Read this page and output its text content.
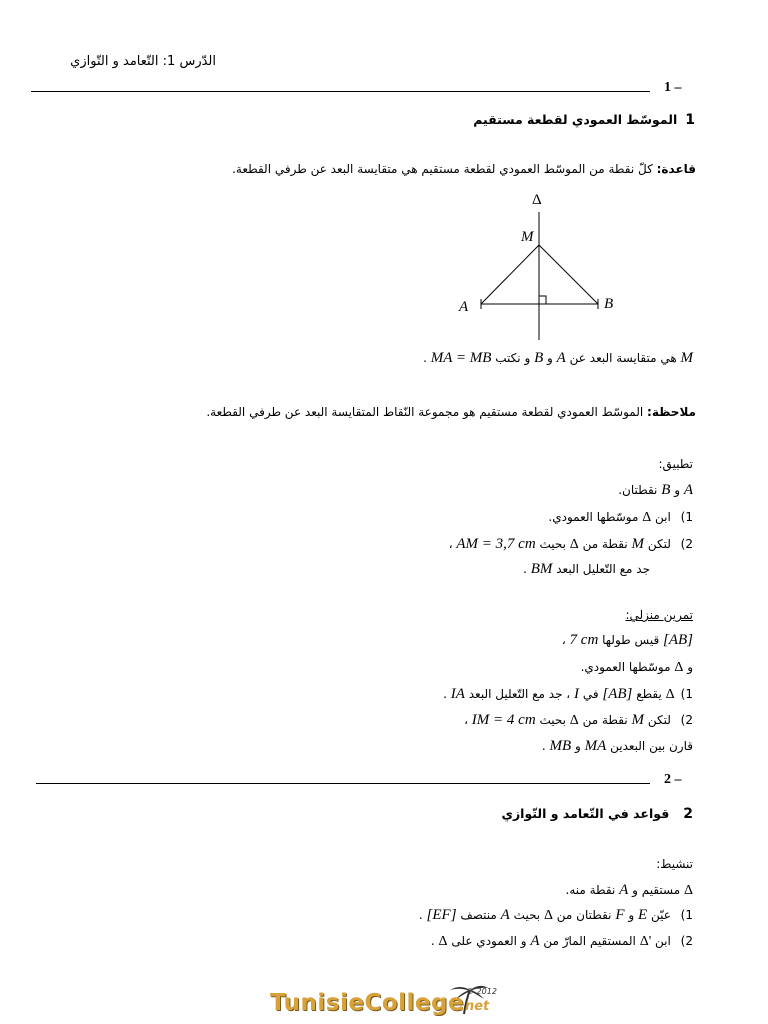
الدّرس 1: التّعامد و التّوازي
1 –
1الموسّط العمودي لقطعة مستقيم
قاعدة: كلّ نقطة من الموسّط العمودي لقطعة مستقيم هي متقايسة البعد عن طرفي القطعة.
Δ
M
A	B
M هي متقايسة البعد عن A و B و نكتب MA = MB .
ملاحظة: الموسّط العمودي لقطعة مستقيم هو مجموعة النّقاط المتقايسة البعد عن طرفي القطعة.
تطبيق:
A و B نقطتان.
1) ابن Δ موسّطها العمودي.
2) لتكن M نقطة من Δ بحيث AM = 3,7 cm ،
جد مع التّعليل البعد BM .
تمرين منزلي:
[AB] قيس طولها 7 cm ،
و Δ موسّطها العمودي.
1)Δ يقطع [AB] في I ، جد مع التّعليل البعد IA .
2) لتكن M نقطة من Δ بحيث IM = 4 cm ،
قارن بين البعدين MA و MB .
2 –
2قواعد في التّعامد و التّوازي
تنشيط:
Δ مستقيم و A نقطة منه.
1) عيّن E و F نقطتان من Δ بحيث A منتصف [EF] .
2) ابن Δ' المستقيم المارّ من A و العمودي على Δ .
TunisieCollege
.net
© 2012
